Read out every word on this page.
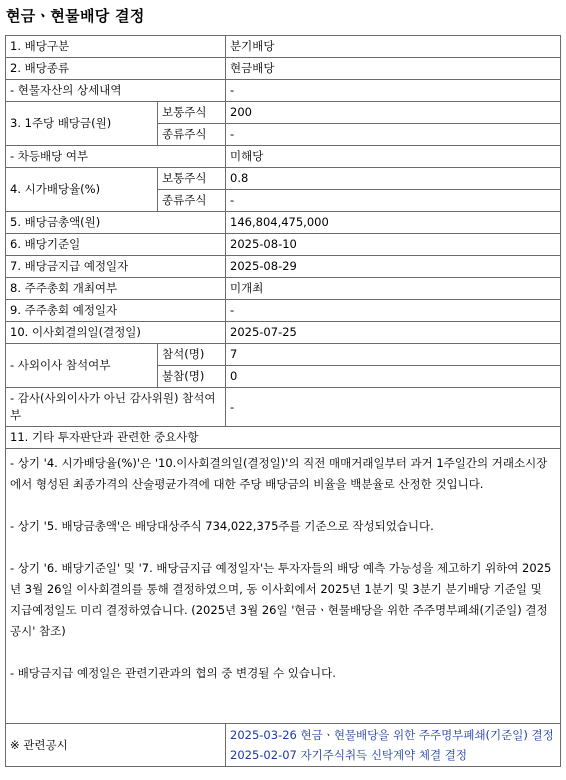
현금ㆍ현물배당 결정
1. 배당구분		분기배당
2. 배당종류		현금배당
- 현물자산의 상세내역		-
3. 1주당 배당금(원)	보통주식	200
	종류주식	-
- 차등배당 여부		미해당
4. 시가배당율(%)	보통주식	0.8
	종류주식	-
5. 배당금총액(원)		146,804,475,000
6. 배당기준일		2025-08-10
7. 배당금지급 예정일자		2025-08-29
8. 주주총회 개최여부		미개최
9. 주주총회 예정일자		-
10. 이사회결의일(결정일)		2025-07-25
- 사외이사 참석여부	참석(명)	7
	불참(명)	0
- 감사(사외이사가 아닌 감사위원) 참석여부		-
11. 기타 투자판단과 관련한 중요사항		

- 상기 '4. 시가배당율(%)'은 '10.이사회결의일(결정일)'의 직전 매매거래일부터 과거 1주일간의 거래소시장에서 형성된 최종가격의 산술평균가격에 대한 주당 배당금의 비율을 백분율로 산정한 것입니다.

- 상기 '5. 배당금총액'은 배당대상주식 734,022,375주를 기준으로 작성되었습니다.

- 상기 '6. 배당기준일' 및 '7. 배당금지급 예정일자'는 투자자들의 배당 예측 가능성을 제고하기 위하여 2025년 3월 26일 이사회결의를 통해 결정하였으며, 동 이사회에서 2025년 1분기 및 3분기 분기배당 기준일 및 지급예정일도 미리 결정하였습니다. (2025년 3월 26일 '현금ㆍ현물배당을 위한 주주명부폐쇄(기준일) 결정 공시' 참조)

- 배당금지급 예정일은 관련기관과의 협의 중 변경될 수 있습니다.		

※ 관련공시		2025-03-26 현금ㆍ현물배당을 위한 주주명부폐쇄(기준일) 결정
2025-02-07 자기주식취득 신탁계약 체결 결정
